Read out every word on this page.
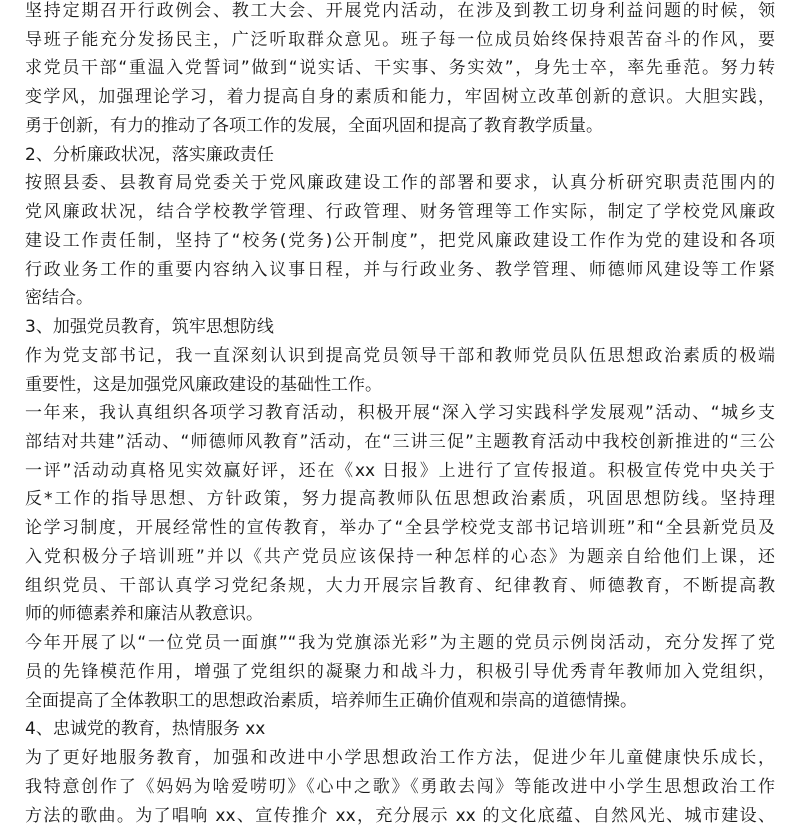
坚持定期召开行政例会、教工大会、开展党内活动，在涉及到教工切身利益问题的时候，领
导班子能充分发扬民主，广泛听取群众意见。班子每一位成员始终保持艰苦奋斗的作风，要
求党员干部“重温入党誓词”做到“说实话、干实事、务实效”，身先士卒，率先垂范。努力转
变学风，加强理论学习，着力提高自身的素质和能力，牢固树立改革创新的意识。大胆实践，
勇于创新，有力的推动了各项工作的发展，全面巩固和提高了教育教学质量。
2、分析廉政状况，落实廉政责任
按照县委、县教育局党委关于党风廉政建设工作的部署和要求，认真分析研究职责范围内的
党风廉政状况，结合学校教学管理、行政管理、财务管理等工作实际，制定了学校党风廉政
建设工作责任制，坚持了“校务(党务)公开制度”，把党风廉政建设工作作为党的建设和各项
行政业务工作的重要内容纳入议事日程，并与行政业务、教学管理、师德师风建设等工作紧
密结合。
3、加强党员教育，筑牢思想防线
作为党支部书记，我一直深刻认识到提高党员领导干部和教师党员队伍思想政治素质的极端
重要性，这是加强党风廉政建设的基础性工作。
一年来，我认真组织各项学习教育活动，积极开展“深入学习实践科学发展观”活动、“城乡支
部结对共建”活动、“师德师风教育”活动，在“三讲三促”主题教育活动中我校创新推进的“三公
一评”活动动真格见实效赢好评，还在《xx 日报》上进行了宣传报道。积极宣传党中央关于
反*工作的指导思想、方针政策，努力提高教师队伍思想政治素质，巩固思想防线。坚持理
论学习制度，开展经常性的宣传教育，举办了“全县学校党支部书记培训班”和“全县新党员及
入党积极分子培训班”并以《共产党员应该保持一种怎样的心态》为题亲自给他们上课，还
组织党员、干部认真学习党纪条规，大力开展宗旨教育、纪律教育、师德教育，不断提高教
师的师德素养和廉洁从教意识。
今年开展了以“一位党员一面旗”“我为党旗添光彩”为主题的党员示例岗活动，充分发挥了党
员的先锋模范作用，增强了党组织的凝聚力和战斗力，积极引导优秀青年教师加入党组织，
全面提高了全体教职工的思想政治素质，培养师生正确价值观和崇高的道德情操。
4、忠诚党的教育，热情服务 xx
为了更好地服务教育，加强和改进中小学思想政治工作方法，促进少年儿童健康快乐成长，
我特意创作了《妈妈为啥爱唠叨》《心中之歌》《勇敢去闯》等能改进中小学生思想政治工作
方法的歌曲。为了唱响 xx、宣传推介 xx，充分展示 xx 的文化底蕴、自然风光、城市建设、
